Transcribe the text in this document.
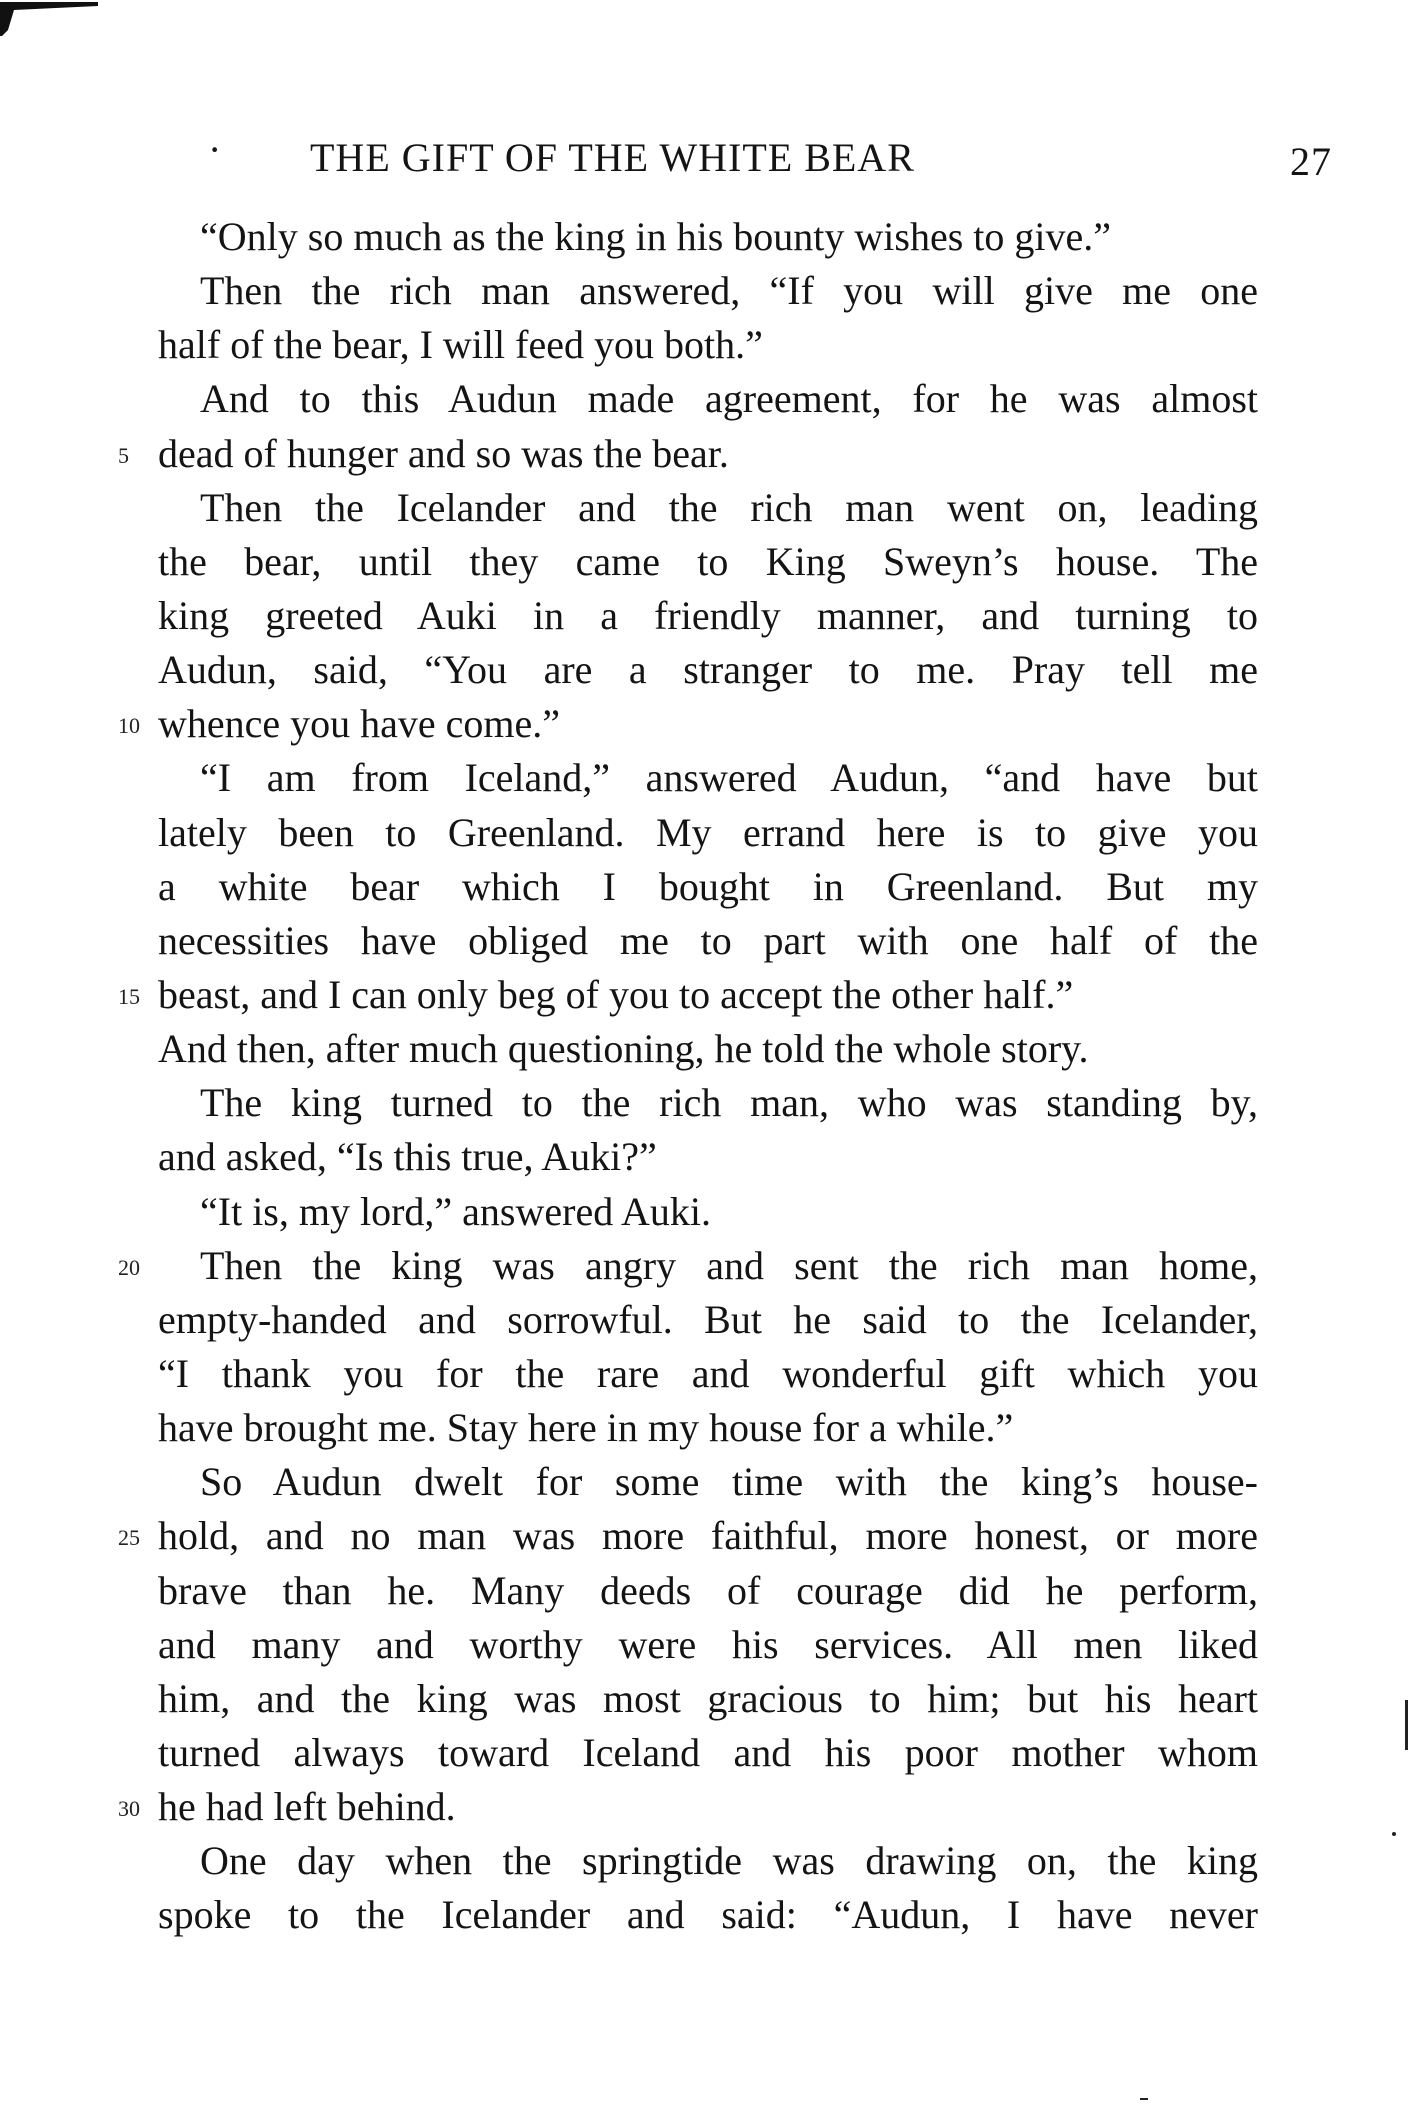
· THE GIFT OF THE WHITE BEAR	27
“Only so much as the king in his bounty wishes to give.”
Then the rich man answered, “If you will give me one
half of the bear, I will feed you both.”
And to this Audun made agreement, for he was almost
5 dead of hunger and so was the bear.
Then the Icelander and the rich man went on, leading
the bear, until they came to King Sweyn’s house. The
king greeted Auki in a friendly manner, and turning to
Audun, said, “You are a stranger to me. Pray tell me
10 whence you have come.”
“I am from Iceland,” answered Audun, “and have but
lately been to Greenland. My errand here is to give you
a white bear which I bought in Greenland. But my
necessities have obliged me to part with one half of the
15 beast, and I can only beg of you to accept the other half.”
And then, after much questioning, he told the whole story.
The king turned to the rich man, who was standing by,
and asked, “Is this true, Auki?”
“It is, my lord,” answered Auki.
20 Then the king was angry and sent the rich man home,
empty-handed and sorrowful. But he said to the Icelander,
“I thank you for the rare and wonderful gift which you
have brought me. Stay here in my house for a while.”
So Audun dwelt for some time with the king’s house-
25 hold, and no man was more faithful, more honest, or more
brave than he. Many deeds of courage did he perform,
and many and worthy were his services. All men liked
him, and the king was most gracious to him; but his heart
turned always toward Iceland and his poor mother whom
30 he had left behind.
One day when the springtide was drawing on, the king
spoke to the Icelander and said: “Audun, I have never
